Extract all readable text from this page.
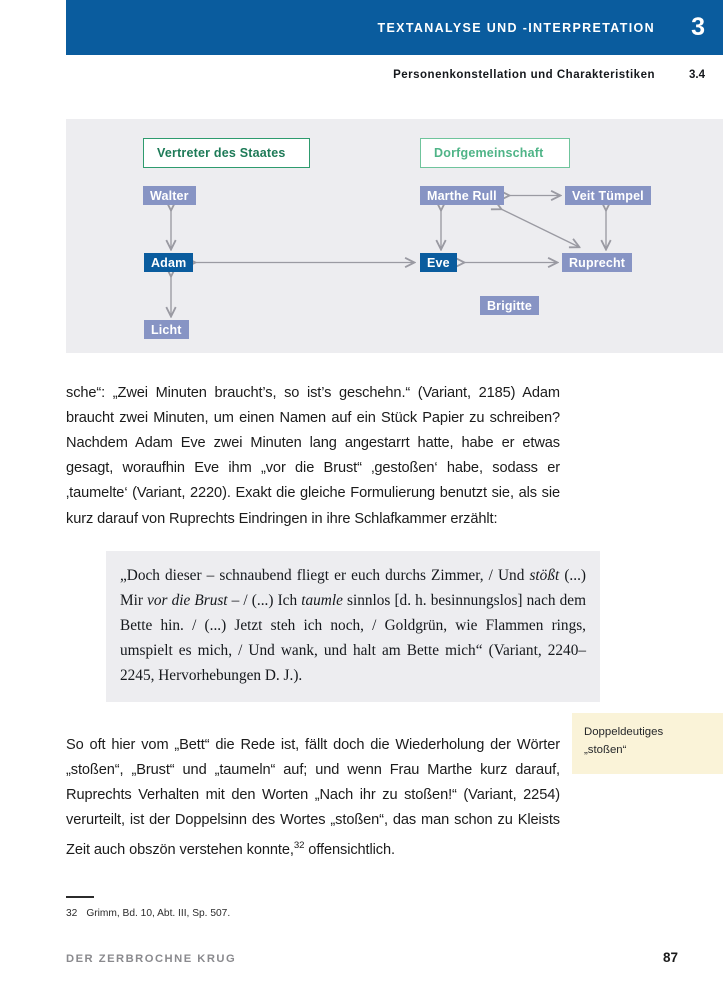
TEXTANALYSE UND -INTERPRETATION	3
Personenkonstellation und Charakteristiken	3.4
Vertreter des Staates	Dorfgemeinschaft
Walter
Adam
Licht
Marthe Rull	Veit Tümpel
Eve	Ruprecht
Brigitte

sche“: „Zwei Minuten braucht’s, so ist’s geschehn.“ (Variant, 2185) Adam braucht zwei Minuten, um einen Namen auf ein Stück Papier zu schreiben? Nachdem Adam Eve zwei Minuten lang angestarrt hatte, habe er etwas gesagt, woraufhin Eve ihm „vor die Brust“ ‚gestoßen‘ habe, sodass er ‚taumelte‘ (Variant, 2220). Exakt die gleiche Formulierung benutzt sie, als sie kurz darauf von Ruprechts Eindringen in ihre Schlafkammer erzählt:

„Doch dieser – schnaubend fliegt er euch durchs Zimmer, / Und stößt (...) Mir vor die Brust – / (...) Ich taumle sinnlos [d. h. besinnungslos] nach dem Bette hin. / (...) Jetzt steh ich noch, / Goldgrün, wie Flammen rings, umspielt es mich, / Und wank, und halt am Bette mich“ (Variant, 2240–2245, Hervorhebungen D. J.).

So oft hier vom „Bett“ die Rede ist, fällt doch die Wiederholung der Wörter „stoßen“, „Brust“ und „taumeln“ auf; und wenn Frau Marthe kurz darauf, Ruprechts Verhalten mit den Worten „Nach ihr zu stoßen!“ (Variant, 2254) verurteilt, ist der Doppelsinn des Wortes „stoßen“, das man schon zu Kleists Zeit auch obszön verstehen konnte,$^{32}$ offensichtlich.

Doppeldeutiges
„stoßen“
32 Grimm, Bd. 10, Abt. III, Sp. 507.
DER ZERBROCHNE KRUG	87
